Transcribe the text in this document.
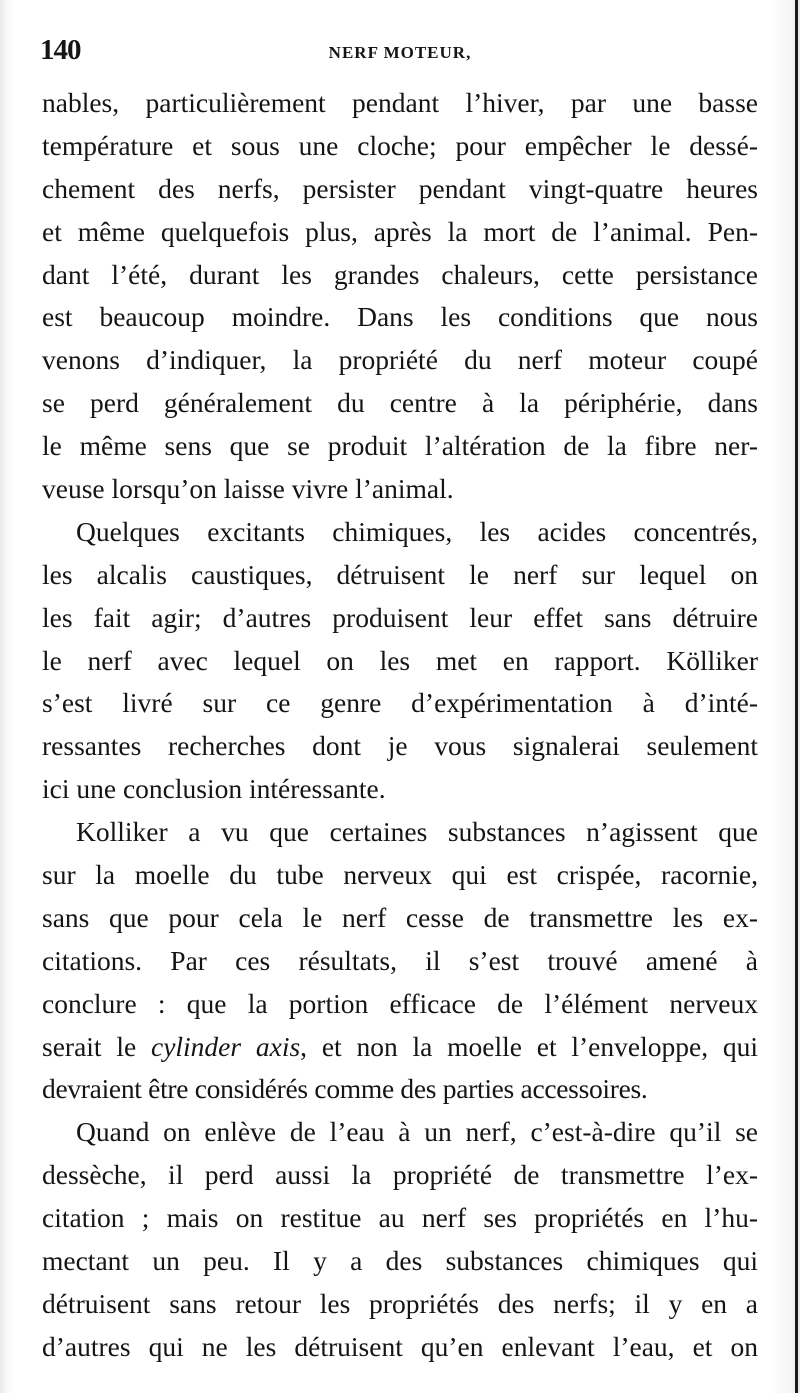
140	NERF MOTEUR,
nables, particulièrement pendant l’hiver, par une basse
température et sous une cloche; pour empêcher le dessé-
chement des nerfs, persister pendant vingt-quatre heures
et même quelquefois plus, après la mort de l’animal. Pen-
dant l’été, durant les grandes chaleurs, cette persistance
est beaucoup moindre. Dans les conditions que nous
venons d’indiquer, la propriété du nerf moteur coupé
se perd généralement du centre à la périphérie, dans
le même sens que se produit l’altération de la fibre ner-
veuse lorsqu’on laisse vivre l’animal.
Quelques excitants chimiques, les acides concentrés,
les alcalis caustiques, détruisent le nerf sur lequel on
les fait agir; d’autres produisent leur effet sans détruire
le nerf avec lequel on les met en rapport. Kölliker
s’est livré sur ce genre d’expérimentation à d’inté-
ressantes recherches dont je vous signalerai seulement
ici une conclusion intéressante.
Kolliker a vu que certaines substances n’agissent que
sur la moelle du tube nerveux qui est crispée, racornie,
sans que pour cela le nerf cesse de transmettre les ex-
citations. Par ces résultats, il s’est trouvé amené à
conclure : que la portion efficace de l’élément nerveux
serait le cylinder axis, et non la moelle et l’enveloppe, qui
devraient être considérés comme des parties accessoires.
Quand on enlève de l’eau à un nerf, c’est-à-dire qu’il se
dessèche, il perd aussi la propriété de transmettre l’ex-
citation ; mais on restitue au nerf ses propriétés en l’hu-
mectant un peu. Il y a des substances chimiques qui
détruisent sans retour les propriétés des nerfs; il y en a
d’autres qui ne les détruisent qu’en enlevant l’eau, et on
